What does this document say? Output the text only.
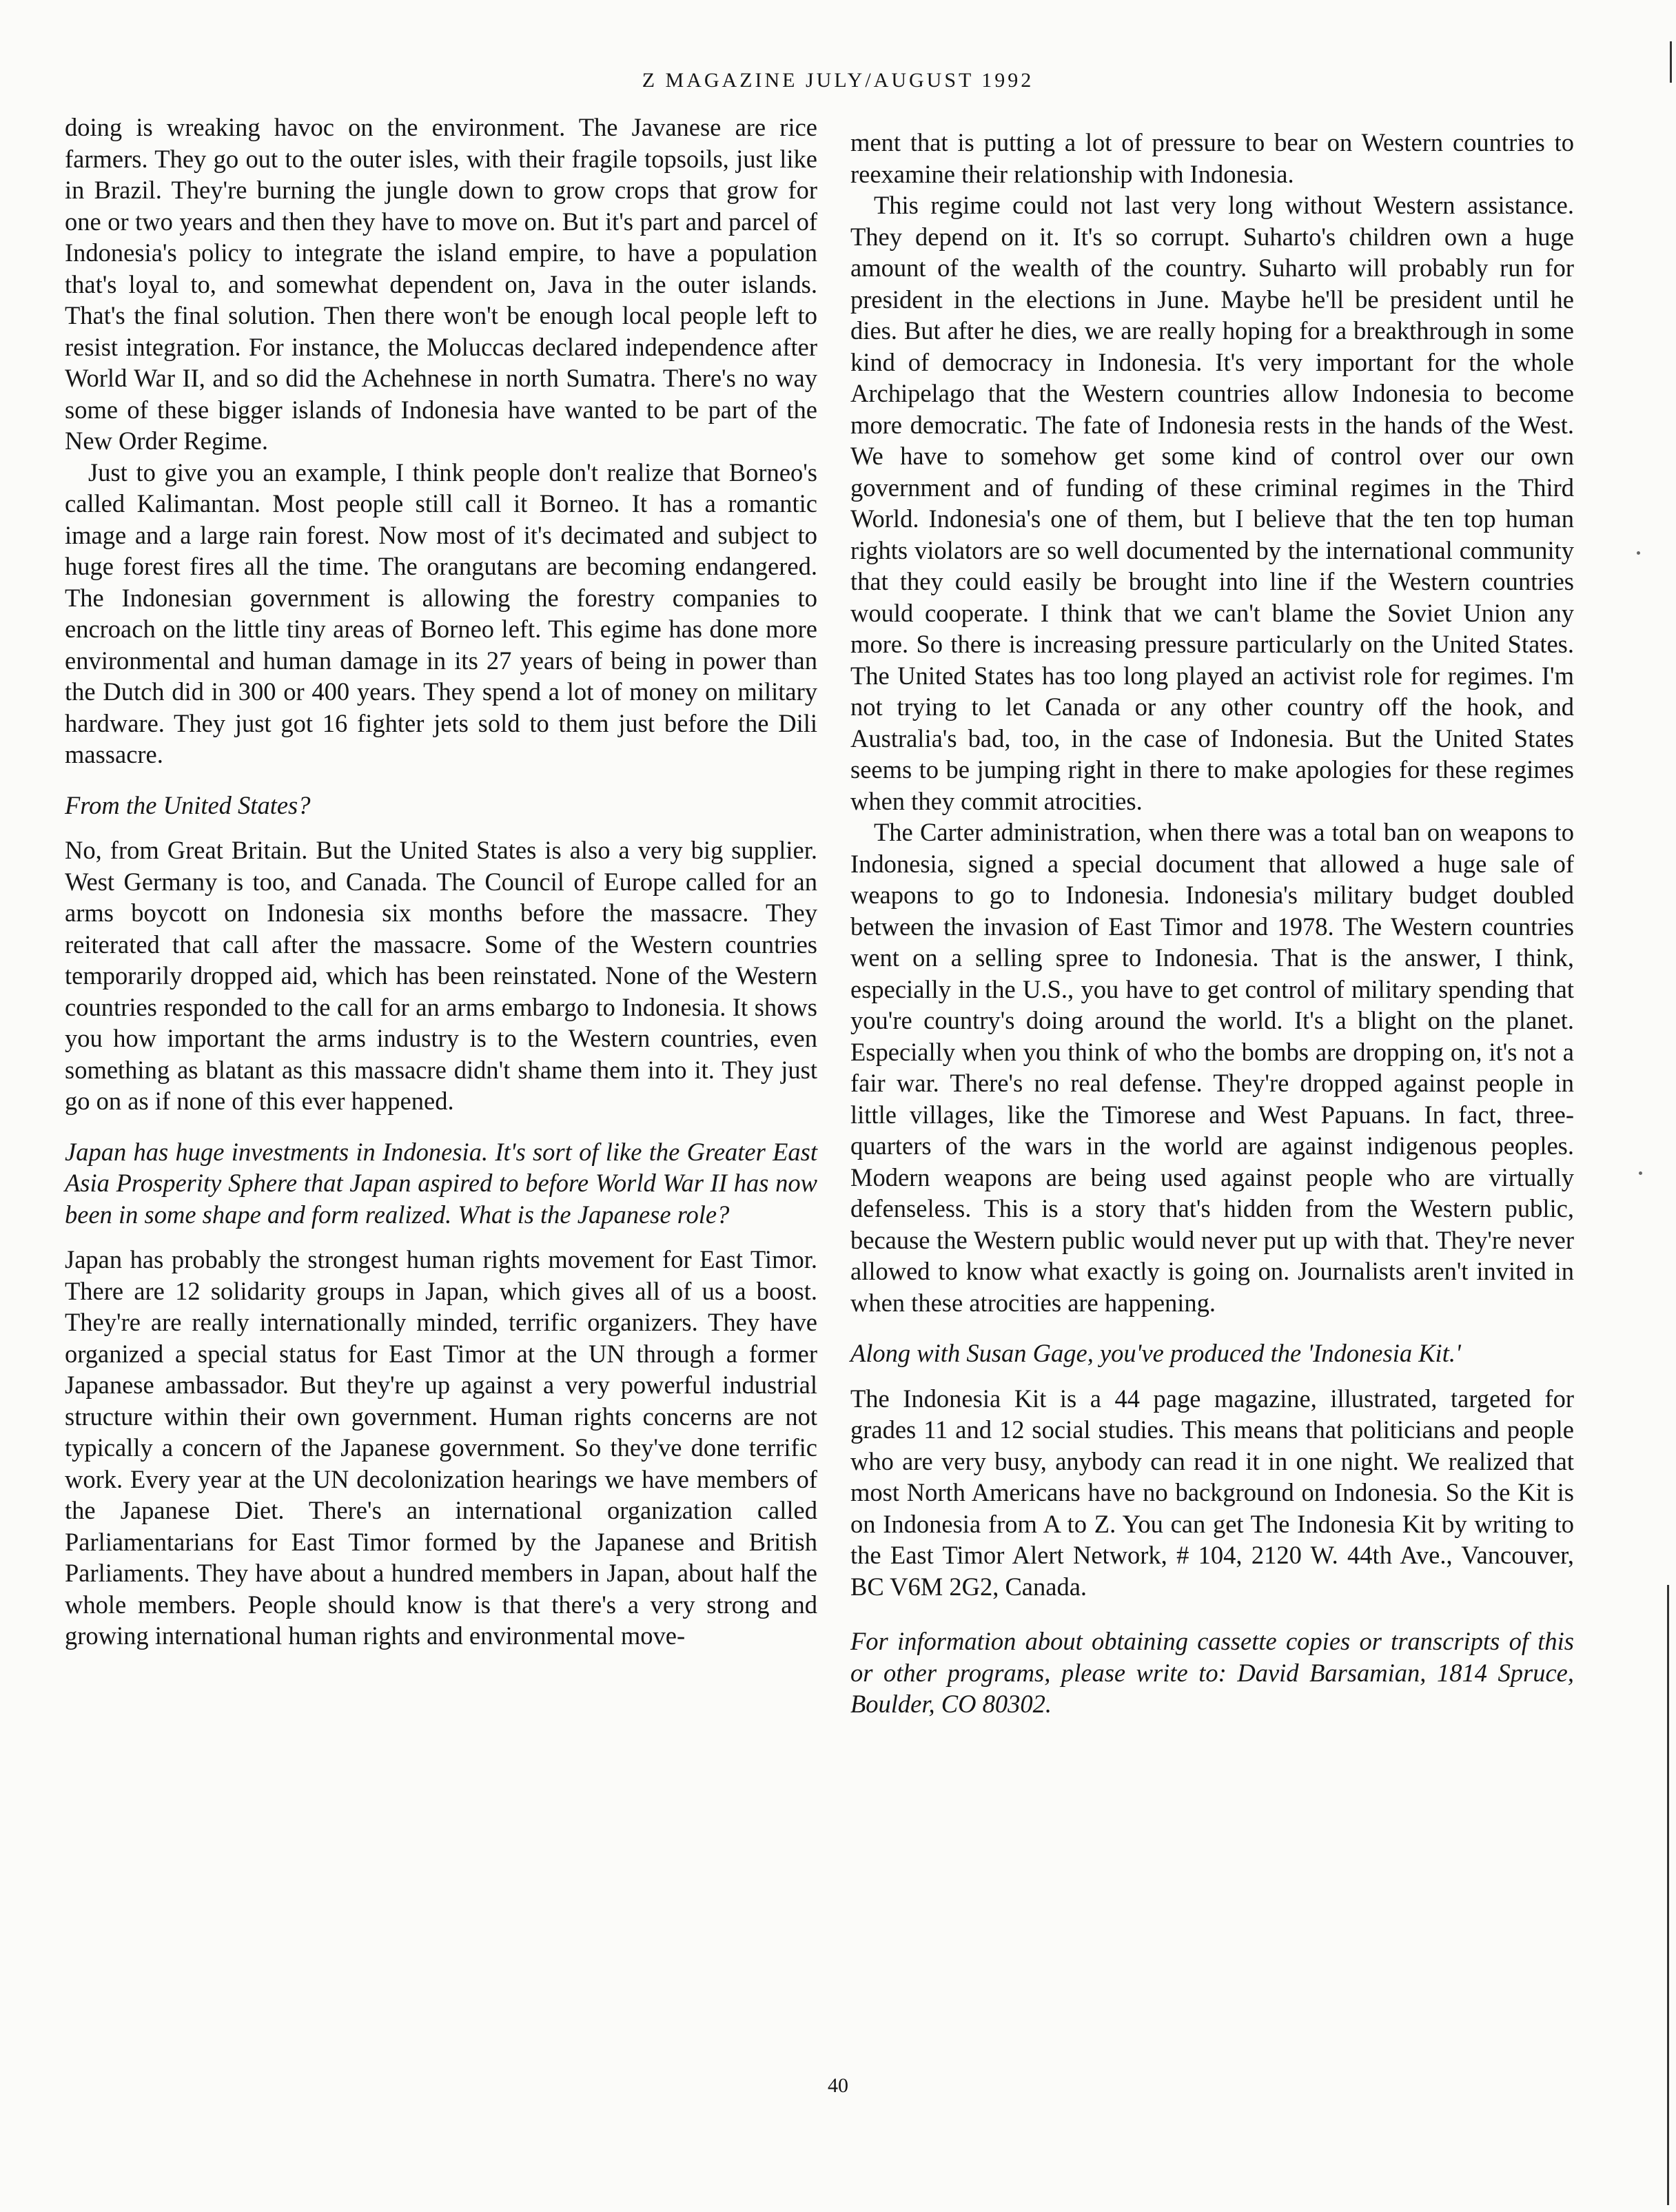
Z MAGAZINE JULY/AUGUST 1992

doing is wreaking havoc on the environment. The Javanese are rice farmers. They go out to the outer isles, with their fragile topsoils, just like in Brazil. They're burning the jungle down to grow crops that grow for one or two years and then they have to move on. But it's part and parcel of Indonesia's policy to integrate the island empire, to have a population that's loyal to, and somewhat dependent on, Java in the outer islands. That's the final solution. Then there won't be enough local people left to resist integration. For instance, the Moluccas declared independence after World War II, and so did the Achehnese in north Sumatra. There's no way some of these bigger islands of Indonesia have wanted to be part of the New Order Regime.

Just to give you an example, I think people don't realize that Borneo's called Kalimantan. Most people still call it Borneo. It has a romantic image and a large rain forest. Now most of it's decimated and subject to huge forest fires all the time. The orangutans are becoming endangered. The Indonesian government is allowing the forestry companies to encroach on the little tiny areas of Borneo left. This egime has done more environmental and human damage in its 27 years of being in power than the Dutch did in 300 or 400 years. They spend a lot of money on military hardware. They just got 16 fighter jets sold to them just before the Dili massacre.

From the United States?

No, from Great Britain. But the United States is also a very big supplier. West Germany is too, and Canada. The Council of Europe called for an arms boycott on Indonesia six months before the massacre. They reiterated that call after the massacre. Some of the Western countries temporarily dropped aid, which has been reinstated. None of the Western countries responded to the call for an arms embargo to Indonesia. It shows you how important the arms industry is to the Western countries, even something as blatant as this massacre didn't shame them into it. They just go on as if none of this ever happened.

Japan has huge investments in Indonesia. It's sort of like the Greater East Asia Prosperity Sphere that Japan aspired to before World War II has now been in some shape and form realized. What is the Japanese role?

Japan has probably the strongest human rights movement for East Timor. There are 12 solidarity groups in Japan, which gives all of us a boost. They're are really internationally minded, terrific organizers. They have organized a special status for East Timor at the UN through a former Japanese ambassador. But they're up against a very powerful industrial structure within their own government. Human rights concerns are not typically a concern of the Japanese government. So they've done terrific work. Every year at the UN decolonization hearings we have members of the Japanese Diet. There's an international organization called Parliamentarians for East Timor formed by the Japanese and British Parliaments. They have about a hundred members in Japan, about half the whole members. People should know is that there's a very strong and growing international human rights and environmental move-

ment that is putting a lot of pressure to bear on Western countries to reexamine their relationship with Indonesia.

This regime could not last very long without Western assistance. They depend on it. It's so corrupt. Suharto's children own a huge amount of the wealth of the country. Suharto will probably run for president in the elections in June. Maybe he'll be president until he dies. But after he dies, we are really hoping for a breakthrough in some kind of democracy in Indonesia. It's very important for the whole Archipelago that the Western countries allow Indonesia to become more democratic. The fate of Indonesia rests in the hands of the West. We have to somehow get some kind of control over our own government and of funding of these criminal regimes in the Third World. Indonesia's one of them, but I believe that the ten top human rights violators are so well documented by the international community that they could easily be brought into line if the Western countries would cooperate. I think that we can't blame the Soviet Union any more. So there is increasing pressure particularly on the United States. The United States has too long played an activist role for regimes. I'm not trying to let Canada or any other country off the hook, and Australia's bad, too, in the case of Indonesia. But the United States seems to be jumping right in there to make apologies for these regimes when they commit atrocities.

The Carter administration, when there was a total ban on weapons to Indonesia, signed a special document that allowed a huge sale of weapons to go to Indonesia. Indonesia's military budget doubled between the invasion of East Timor and 1978. The Western countries went on a selling spree to Indonesia. That is the answer, I think, especially in the U.S., you have to get control of military spending that you're country's doing around the world. It's a blight on the planet. Especially when you think of who the bombs are dropping on, it's not a fair war. There's no real defense. They're dropped against people in little villages, like the Timorese and West Papuans. In fact, three-quarters of the wars in the world are against indigenous peoples. Modern weapons are being used against people who are virtually defenseless. This is a story that's hidden from the Western public, because the Western public would never put up with that. They're never allowed to know what exactly is going on. Journalists aren't invited in when these atrocities are happening.

Along with Susan Gage, you've produced the 'Indonesia Kit.'

The Indonesia Kit is a 44 page magazine, illustrated, targeted for grades 11 and 12 social studies. This means that politicians and people who are very busy, anybody can read it in one night. We realized that most North Americans have no background on Indonesia. So the Kit is on Indonesia from A to Z. You can get The Indonesia Kit by writing to the East Timor Alert Network, # 104, 2120 W. 44th Ave., Vancouver, BC V6M 2G2, Canada.

For information about obtaining cassette copies or transcripts of this or other programs, please write to: David Barsamian, 1814 Spruce, Boulder, CO 80302.

40
